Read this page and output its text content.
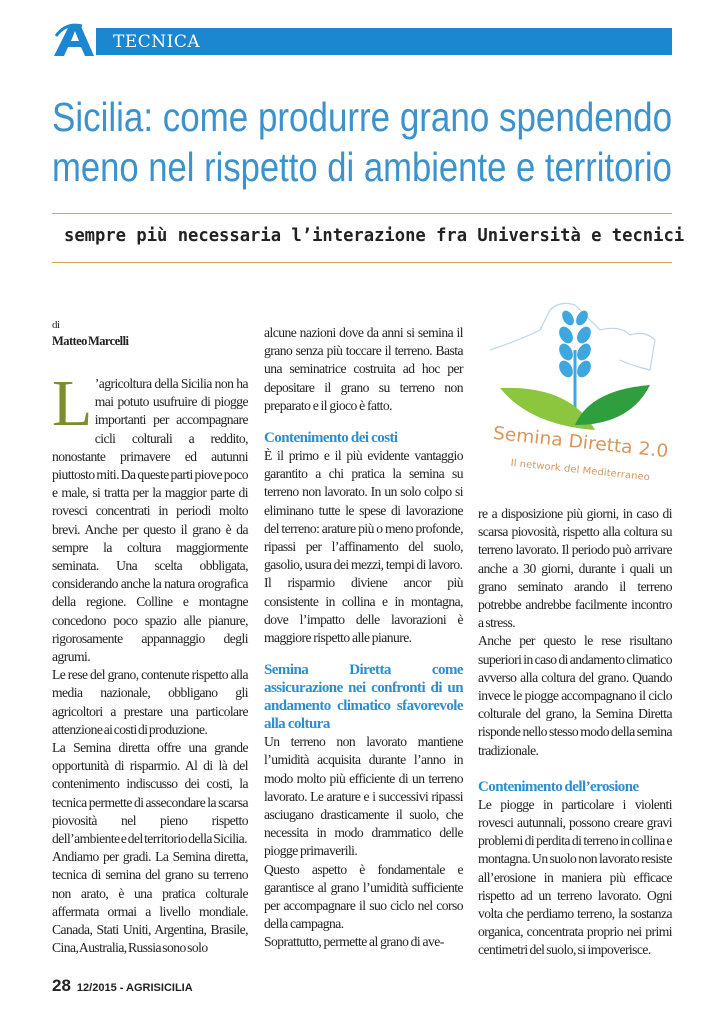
TECNICA
Sicilia: come produrre grano spendendo
meno nel rispetto di ambiente e territorio
sempre più necessaria l’interazione fra Università e tecnici

di

Matteo Marcelli

L ’agricoltura della Sicilia non ha mai potuto usufruire di piogge importanti per accompagnare cicli colturali a reddito, nonostante primavere ed autunni piuttosto miti. Da queste parti piove poco e male, si tratta per la maggior parte di rovesci concentrati in periodi molto brevi. Anche per questo il grano è da sempre la coltura maggiormente seminata. Una scelta obbligata, considerando anche la natura orografica della regione. Colline e montagne concedono poco spazio alle pianure, rigorosamente appannaggio degli agrumi.

Le rese del grano, contenute rispetto alla media nazionale, obbligano gli agricoltori a prestare una particolare attenzione ai costi di produzione.

La Semina diretta offre una grande opportunità di risparmio. Al di là del contenimento indiscusso dei costi, la tecnica permette di assecondare la scarsa piovosità nel pieno rispetto dell’ambiente e del territorio della Sicilia.

Andiamo per gradi. La Semina diretta, tecnica di semina del grano su terreno non arato, è una pratica colturale affermata ormai a livello mondiale. Canada, Stati Uniti, Argentina, Brasile, Cina, Australia, Russia sono solo

alcune nazioni dove da anni si semina il grano senza più toccare il terreno. Basta una seminatrice costruita ad hoc per depositare il grano su terreno non preparato e il gioco è fatto.

Contenimento dei costi

È il primo e il più evidente vantaggio garantito a chi pratica la semina su terreno non lavorato. In un solo colpo si eliminano tutte le spese di lavorazione del terreno: arature più o meno profonde, ripassi per l’affinamento del suolo, gasolio, usura dei mezzi, tempi di lavoro.

Il risparmio diviene ancor più consistente in collina e in montagna, dove l’impatto delle lavorazioni è maggiore rispetto alle pianure.

Semina Diretta come assicurazione nei confronti di un andamento climatico sfavorevole alla coltura

Un terreno non lavorato mantiene l’umidità acquisita durante l’anno in modo molto più efficiente di un terreno lavorato. Le arature e i successivi ripassi asciugano drasticamente il suolo, che necessita in modo drammatico delle piogge primaverili.

Questo aspetto è fondamentale e garantisce al grano l’umidità sufficiente per accompagnare il suo ciclo nel corso della campagna.

Soprattutto, permette al grano di ave-

Semina Diretta 2.0
Il network del Mediterraneo

re a disposizione più giorni, in caso di scarsa piovosità, rispetto alla coltura su terreno lavorato. Il periodo può arrivare anche a 30 giorni, durante i quali un grano seminato arando il terreno potrebbe andrebbe facilmente incontro a stress.

Anche per questo le rese risultano superiori in caso di andamento climatico avverso alla coltura del grano. Quando invece le piogge accompagnano il ciclo colturale del grano, la Semina Diretta risponde nello stesso modo della semina tradizionale.

Contenimento dell’erosione

Le piogge in particolare i violenti rovesci autunnali, possono creare gravi problemi di perdita di terreno in collina e montagna. Un suolo non lavorato resiste all’erosione in maniera più efficace rispetto ad un terreno lavorato. Ogni volta che perdiamo terreno, la sostanza organica, concentrata proprio nei primi centimetri del suolo, si impoverisce.

28 12/2015 - AGRISICILIA
